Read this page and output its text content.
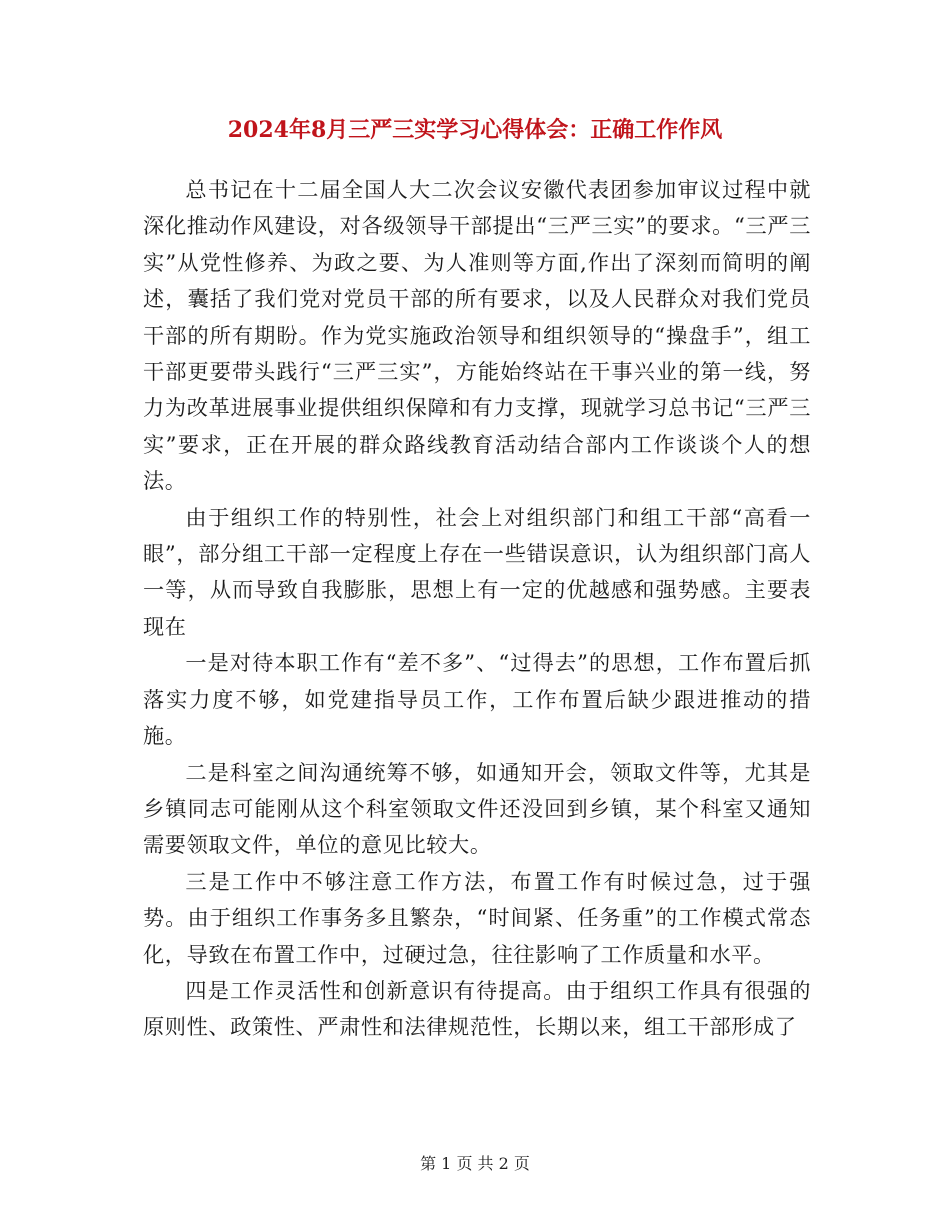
2024年8月三严三实学习心得体会：正确工作作风

总书记在十二届全国人大二次会议安徽代表团参加审议过程中就深化推动作风建设，对各级领导干部提出“三严三实”的要求。“三严三实”从党性修养、为政之要、为人准则等方面,作出了深刻而简明的阐述，囊括了我们党对党员干部的所有要求，以及人民群众对我们党员干部的所有期盼。作为党实施政治领导和组织领导的“操盘手”，组工干部更要带头践行“三严三实”，方能始终站在干事兴业的第一线，努力为改革进展事业提供组织保障和有力支撑，现就学习总书记“三严三实”要求，正在开展的群众路线教育活动结合部内工作谈谈个人的想法。

由于组织工作的特别性，社会上对组织部门和组工干部“高看一眼”，部分组工干部一定程度上存在一些错误意识，认为组织部门高人一等，从而导致自我膨胀，思想上有一定的优越感和强势感。主要表现在

一是对待本职工作有“差不多”、“过得去”的思想，工作布置后抓落实力度不够，如党建指导员工作，工作布置后缺少跟进推动的措施。

二是科室之间沟通统筹不够，如通知开会，领取文件等，尤其是乡镇同志可能刚从这个科室领取文件还没回到乡镇，某个科室又通知需要领取文件，单位的意见比较大。

三是工作中不够注意工作方法，布置工作有时候过急，过于强势。由于组织工作事务多且繁杂，“时间紧、任务重”的工作模式常态化，导致在布置工作中，过硬过急，往往影响了工作质量和水平。

四是工作灵活性和创新意识有待提高。由于组织工作具有很强的原则性、政策性、严肃性和法律规范性，长期以来，组工干部形成了

第 1 页 共 2 页
